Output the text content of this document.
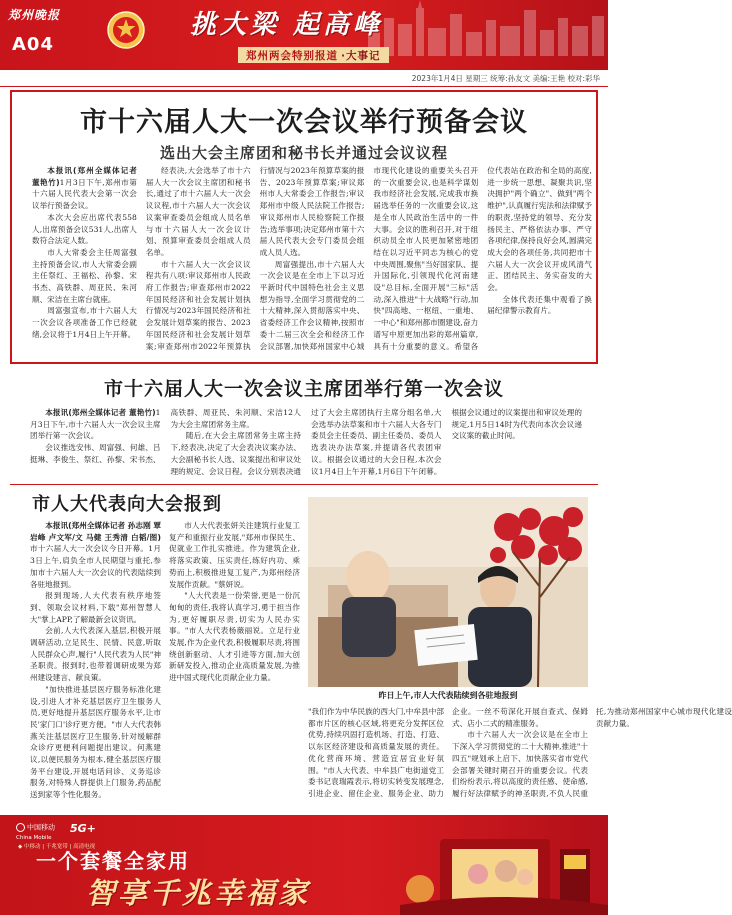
郑州晚报
A04
挑大梁 起高峰
郑州两会特别报道 ·大事记
2023年1月4日 星期三 统筹:孙友文 美编:王艳 校对:彩华
市十六届人大一次会议举行预备会议
选出大会主席团和秘书长并通过会议议程

本报讯(郑州全媒体记者 董艳竹)1月3日下午,郑州市第十六届人民代表大会第一次会议举行预备会议。

本次大会应出席代表558人,出席预备会议531人,出席人数符合法定人数。

市人大常委会主任周富强主持预备会议,市人大常委会副主任祭红、王福松、孙黎、宋书杰、高铁群、周亚民、朱河顺、宋洁在主席台就座。

周富强宣布,市十六届人大一次会议各项准备工作已经就绪,会议将于1月4日上午开幕。

经表决,大会选举了市十六届人大一次会议主席团和秘书长,通过了市十六届人大一次会议议程,市十六届人大一次会议议案审查委员会组成人员名单与市十六届人大一次会议计划、预算审查委员会组成人员名单。

市十六届人大一次会议议程共有八项:审议郑州市人民政府工作报告;审查郑州市2022年国民经济和社会发展计划执行情况与2023年国民经济和社会发展计划草案的报告、2023年国民经济和社会发展计划草案;审查郑州市2022年预算执行情况与2023年预算草案的报告、2023年预算草案;审议郑州市人大常委会工作报告;审议郑州市中级人民法院工作报告;审议郑州市人民检察院工作报告;选举事项;决定郑州市第十六届人民代表大会专门委员会组成人员人选。

周富强提出,市十六届人大一次会议是在全市上下以习近平新时代中国特色社会主义思想为指导,全面学习贯彻党的二十大精神,深入贯彻落实中央、省委经济工作会议精神,按照市委十二届三次全会和经济工作会议部署,加快郑州国家中心城市现代化建设的重要关头召开的一次重要会议,也是科学谋划我市经济社会发展,完成我市换届选举任务的一次重要会议,这是全市人民政治生活中的一件大事。会议的胜利召开,对于组织动员全市人民更加紧密地团结在以习近平同志为核心的党中央周围,聚焦"当好国家队、提升国际化,引领现代化河南建设"总目标,全面开展"三标"活动,深入推进"十大战略"行动,加快"四高地、一枢纽、一重地、一中心"和郑州都市圈建设,奋力谱写中原更加出彩的郑州篇章,具有十分重要的意义。希望各位代表站在政治和全局的高度,进一步统一思想、凝聚共识,坚决拥护"两个确立"、做到"两个维护",认真履行宪法和法律赋予的职责,坚持党的领导、充分发扬民主、严格依法办事、严守各项纪律,保持良好会风,圆满完成大会的各项任务,共同把市十六届人大一次会议开成风清气正、团结民主、务实奋发的大会。

全体代表还集中观看了换届纪律警示教育片。

市十六届人大一次会议主席团举行第一次会议

本报讯(郑州全媒体记者 董艳竹)1月3日下午,市十六届人大一次会议主席团举行第一次会议。

会议推选安伟、周富强、何雄、吕挺琳、李俊生、祭红、孙黎、宋书杰、高铁群、周亚民、朱河顺、宋洁12人为大会主席团常务主席。

随后,在大会主席团常务主席主持下,经表决,决定了大会表决议案办法、大会副秘书长人选、议案提出和审议处理的规定、会议日程。会议分别表决通过了大会主席团执行主席分组名单,大会选举办法草案和市十六届人大各专门委员会主任委员、副主任委员、委员人选表决办法草案,并提请各代表团审议。根据会议通过的大会日程,本次会议1月4日上午开幕,1月6日下午闭幕。根据会议通过的议案提出和审议处理的规定,1月5日14时为代表向本次会议递交议案的截止时间。

市人大代表向大会报到

本报讯(郑州全媒体记者 孙志刚 覃岩峰 卢文军/文 马健 王秀清 白韬/图)市十六届人大一次会议今日开幕。1月3日上午,肩负全市人民期望与重托,参加市十六届人大一次会议的代表陆续到各驻地报到。

报到现场,人大代表有秩序地签到、领取会议材料,下载"郑州智慧人大"掌上APP,了解最新会议资讯。

会前,人大代表深入基层,积极开展调研活动,立足民生、民情、民意,听取人民群众心声,履行"人民代表为人民"神圣职责。报到时,也带着调研成果为郑州建设建言、献良策。

"加快推进基层医疗服务标准化建设,引进人才补充基层医疗卫生服务人员,更好地提升基层医疗服务水平,让市民'家门口'诊疗更方便。"市人大代表韩燕关注基层医疗卫生服务,针对缓解群众诊疗更便利问题提出建议。何燕建议,以便民服务为根本,健全基层医疗服务平台建设,开展电话问诊、义务巡诊服务,对特殊人群提供上门服务,药品配送到家等个性化服务。

市人大代表张妍关注建筑行业复工复产和重振行业发展,"郑州市保民生、促就业工作扎实推进。作为建筑企业,将落实政策、压实责任,练好内功、乘势而上,积极推进复工复产,为郑州经济发展作贡献。"蔡妍说。

"人大代表是一份荣誉,更是一份沉甸甸的责任,我将认真学习,勇于担当作为,更好履职尽责,切实为人民办实事。"市人大代表杨薇丽说。立足行业发展,作为企业代表,积极履职尽责,将围绕创新驱动、人才引进等方面,加大创新研发投入,推动企业高质量发展,为推进中国式现代化贡献企业力量。

昨日上午,市人大代表陆续到各驻地报到

"我们作为中华民族的西大门,中牟县中部都市片区的核心区域,将更充分发挥区位优势,持续巩固打造机场、打造、打造、以东区经济建设和高质量发展的责任。优化营商环境、营造宜居宜业好氛围。"市人大代表、中牟县广电街道党工委书记袁瑞霞表示,将切实转变发展理念,引进企业、留住企业、服务企业、助力企业。一丝不苟深化开展自查式、保姆式、店小二式的精准服务。

市十六届人大一次会议是在全市上下深入学习贯彻党的二十大精神,推进"十四五"规划承上启下、加快落实省市党代会部署关键时期召开的重要会议。代表们纷纷表示,将以高度的责任感、使命感,履行好法律赋予的神圣职责,不负人民重托,为推动郑州国家中心城市现代化建设贡献力量。

中国移动
China Mobile
5G+
◆ 中移动 | 千兆宽带 | 高清电视
一个套餐全家用
智享千兆幸福家
